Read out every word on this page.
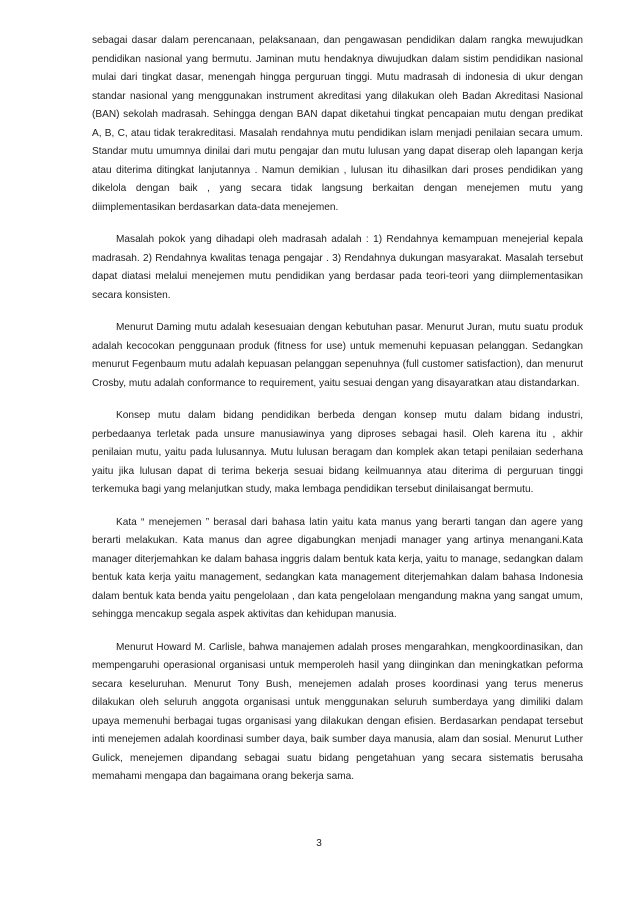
sebagai dasar dalam perencanaan, pelaksanaan, dan pengawasan pendidikan dalam rangka mewujudkan pendidikan nasional yang bermutu. Jaminan mutu hendaknya diwujudkan dalam sistim pendidikan nasional mulai dari tingkat dasar, menengah hingga perguruan tinggi. Mutu madrasah di indonesia di ukur dengan standar nasional yang menggunakan instrument akreditasi yang dilakukan oleh Badan Akreditasi Nasional (BAN) sekolah madrasah. Sehingga dengan BAN dapat diketahui tingkat pencapaian mutu dengan predikat A, B, C, atau tidak terakreditasi. Masalah rendahnya mutu pendidikan islam menjadi penilaian secara umum. Standar mutu umumnya dinilai dari mutu pengajar dan mutu lulusan yang dapat diserap oleh lapangan kerja atau diterima ditingkat lanjutannya . Namun demikian , lulusan itu dihasilkan dari proses pendidikan yang dikelola dengan baik , yang secara tidak langsung berkaitan dengan menejemen mutu yang diimplementasikan berdasarkan data-data menejemen.

Masalah pokok yang dihadapi oleh madrasah adalah : 1) Rendahnya kemampuan menejerial kepala madrasah. 2) Rendahnya kwalitas tenaga pengajar . 3) Rendahnya dukungan masyarakat. Masalah tersebut dapat diatasi melalui menejemen mutu pendidikan yang berdasar pada teori-teori yang diimplementasikan secara konsisten.

Menurut Daming mutu adalah kesesuaian dengan kebutuhan pasar. Menurut Juran, mutu suatu produk adalah kecocokan penggunaan produk (fitness for use) untuk memenuhi kepuasan pelanggan. Sedangkan menurut Fegenbaum mutu adalah kepuasan pelanggan sepenuhnya (full customer satisfaction), dan menurut Crosby, mutu adalah conformance to requirement, yaitu sesuai dengan yang disayaratkan atau distandarkan.

Konsep mutu dalam bidang pendidikan berbeda dengan konsep mutu dalam bidang industri, perbedaanya terletak pada unsure manusiawinya yang diproses sebagai hasil. Oleh karena itu , akhir penilaian mutu, yaitu pada lulusannya. Mutu lulusan beragam dan komplek akan tetapi penilaian sederhana yaitu jika lulusan dapat di terima bekerja sesuai bidang keilmuannya atau diterima di perguruan tinggi terkemuka bagi yang melanjutkan study, maka lembaga pendidikan tersebut dinilaisangat bermutu.

Kata “ menejemen ” berasal dari bahasa latin yaitu kata manus yang berarti tangan dan agere yang berarti melakukan. Kata manus dan agree digabungkan menjadi manager yang artinya menangani.Kata manager diterjemahkan ke dalam bahasa inggris dalam bentuk kata kerja, yaitu to manage, sedangkan dalam bentuk kata kerja yaitu management, sedangkan kata management diterjemahkan dalam bahasa Indonesia dalam bentuk kata benda yaitu pengelolaan , dan kata pengelolaan mengandung makna yang sangat umum, sehingga mencakup segala aspek aktivitas dan kehidupan manusia.

Menurut Howard M. Carlisle, bahwa manajemen adalah proses mengarahkan, mengkoordinasikan, dan mempengaruhi operasional organisasi untuk memperoleh hasil yang diinginkan dan meningkatkan peforma secara keseluruhan. Menurut Tony Bush, menejemen adalah proses koordinasi yang terus menerus dilakukan oleh seluruh anggota organisasi untuk menggunakan seluruh sumberdaya yang dimiliki dalam upaya memenuhi berbagai tugas organisasi yang dilakukan dengan efisien. Berdasarkan pendapat tersebut inti menejemen adalah koordinasi sumber daya, baik sumber daya manusia, alam dan sosial. Menurut Luther Gulick, menejemen dipandang sebagai suatu bidang pengetahuan yang secara sistematis berusaha memahami mengapa dan bagaimana orang bekerja sama.

3
